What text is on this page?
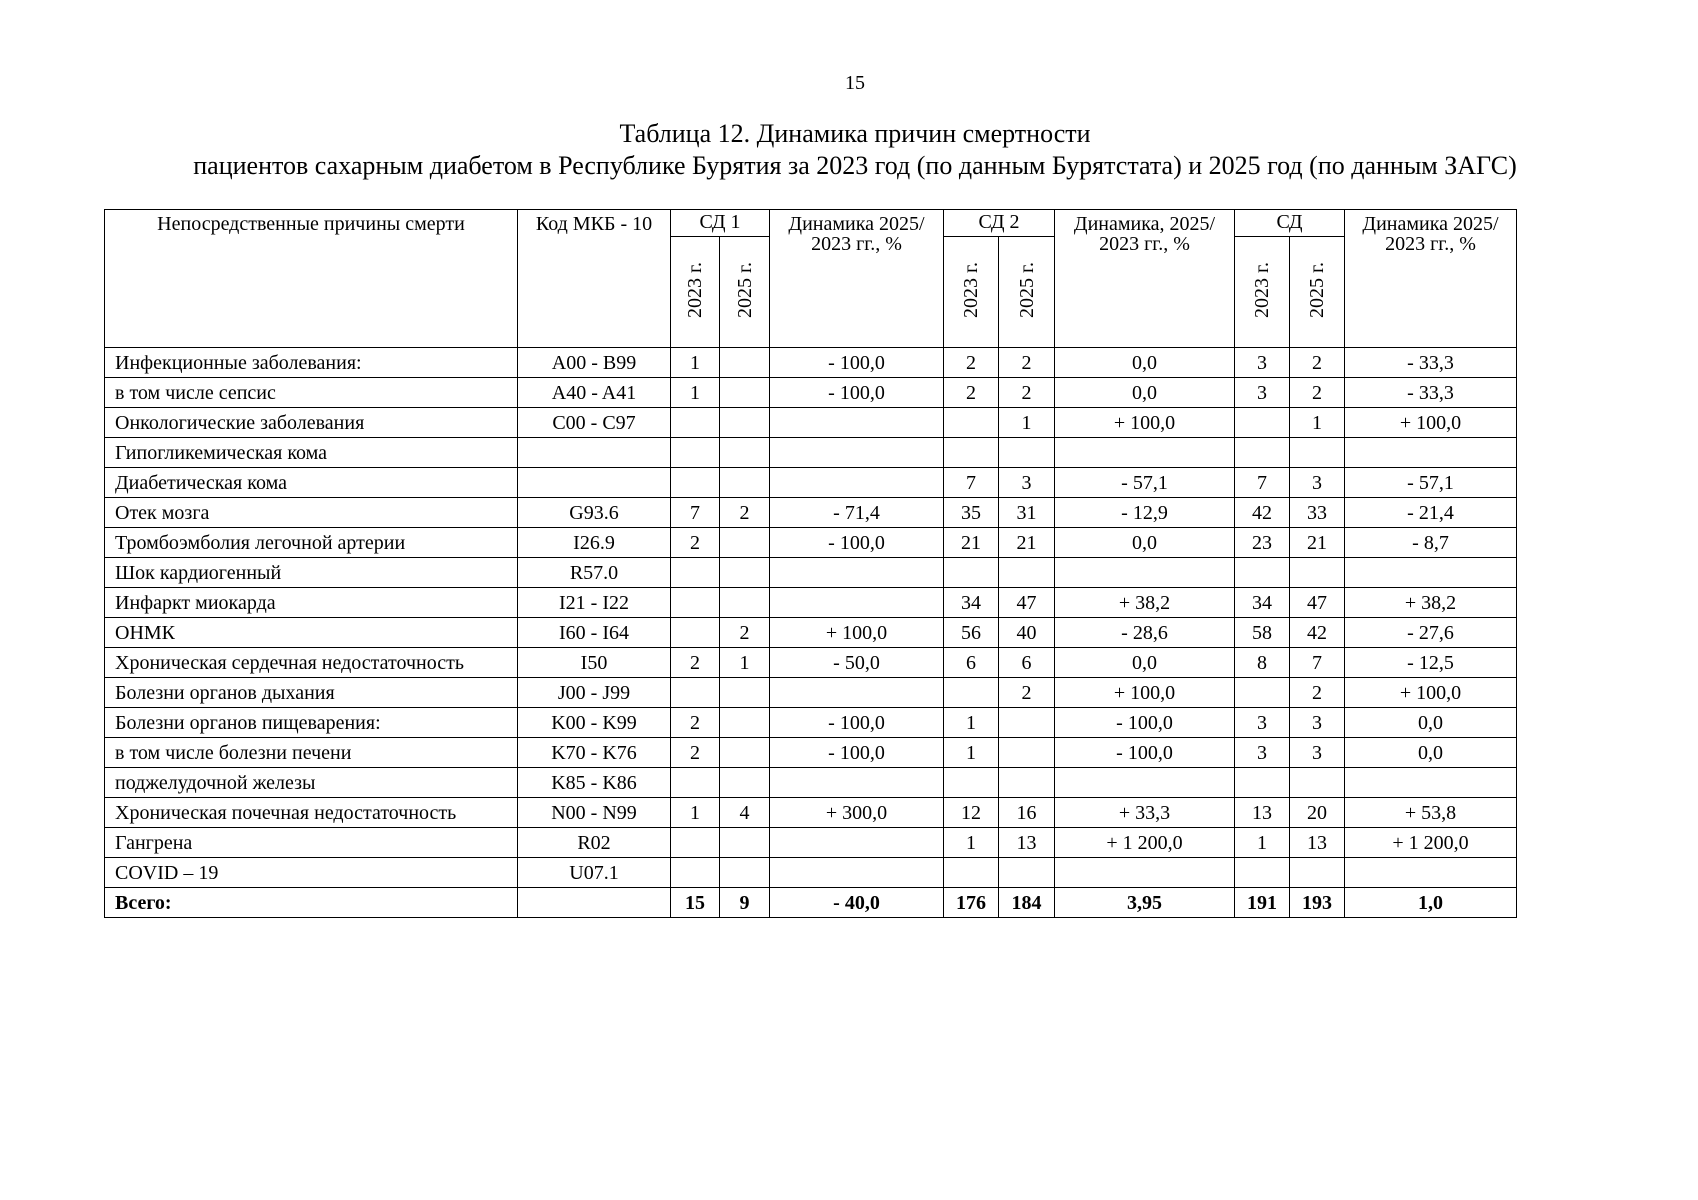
15
Таблица 12. Динамика причин смертности
пациентов сахарным диабетом в Республике Бурятия за 2023 год (по данным Бурятстата) и 2025 год (по данным ЗАГС)
Непосредственные причины смерти	Код МКБ - 10	СД 1		Динамика 2025/ 2023 гг., %	СД 2		Динамика, 2025/ 2023 гг., %	СД		Динамика 2025/ 2023 гг., %
		2023 г.	2025 г.		2023 г.	2025 г.		2023 г.	2025 г.	
Инфекционные заболевания:	A00 - B99	1		- 100,0	2	2	0,0	3	2	- 33,3
в том числе сепсис	A40 - A41	1		- 100,0	2	2	0,0	3	2	- 33,3
Онкологические заболевания	C00 - C97					1	+ 100,0		1	+ 100,0
Гипогликемическая кома										
Диабетическая кома					7	3	- 57,1	7	3	- 57,1
Отек мозга	G93.6	7	2	- 71,4	35	31	- 12,9	42	33	- 21,4
Тромбоэмболия легочной артерии	I26.9	2		- 100,0	21	21	0,0	23	21	- 8,7
Шок кардиогенный	R57.0									
Инфаркт миокарда	I21 - I22				34	47	+ 38,2	34	47	+ 38,2
ОНМК	I60 - I64		2	+ 100,0	56	40	- 28,6	58	42	- 27,6
Хроническая сердечная недостаточность	I50	2	1	- 50,0	6	6	0,0	8	7	- 12,5
Болезни органов дыхания	J00 - J99					2	+ 100,0		2	+ 100,0
Болезни органов пищеварения:	K00 - K99	2		- 100,0	1		- 100,0	3	3	0,0
в том числе болезни печени	K70 - K76	2		- 100,0	1		- 100,0	3	3	0,0
поджелудочной железы	K85 - K86									
Хроническая почечная недостаточность	N00 - N99	1	4	+ 300,0	12	16	+ 33,3	13	20	+ 53,8
Гангрена	R02				1	13	+ 1 200,0	1	13	+ 1 200,0
COVID – 19	U07.1									
Всего:		15	9	- 40,0	176	184	3,95	191	193	1,0
